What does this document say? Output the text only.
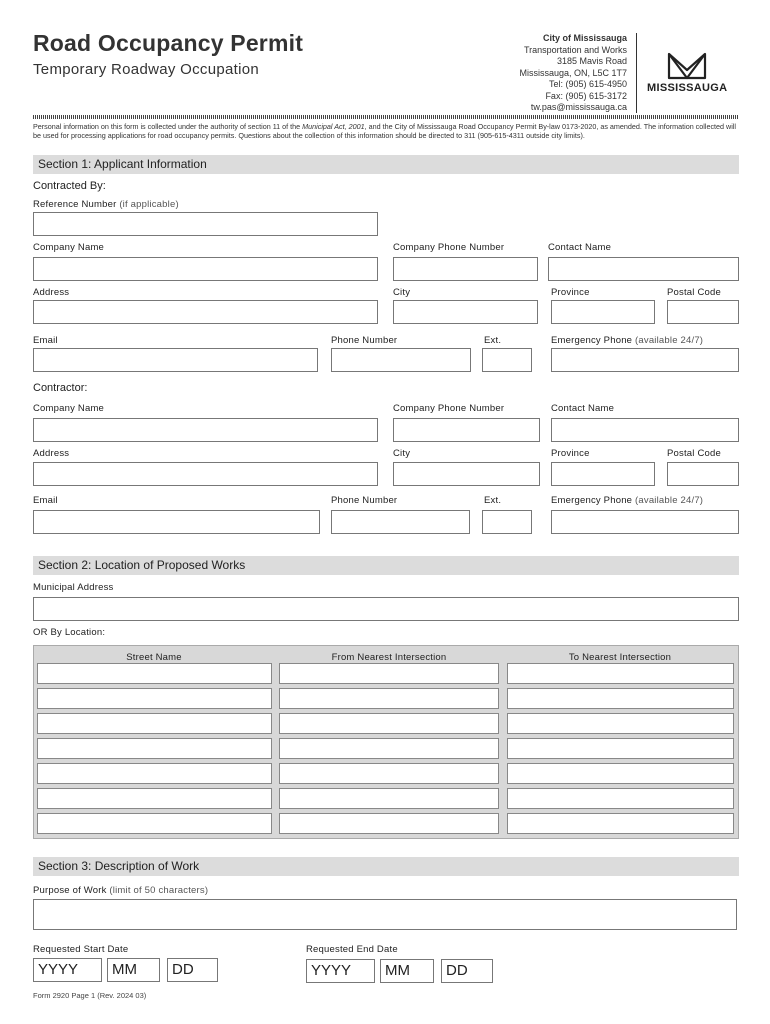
Road Occupancy Permit
Temporary Roadway Occupation
City of Mississauga
Transportation and Works
3185 Mavis Road
Mississauga, ON, L5C 1T7
Tel: (905) 615-4950
Fax: (905) 615-3172
tw.pas@mississauga.ca
MISSISSAUGA
Personal information on this form is collected under the authority of section 11 of the Municipal Act, 2001, and the City of Mississauga Road Occupancy Permit By-law 0173-2020, as amended. The information collected will be used for processing applications for road occupancy permits. Questions about the collection of this information should be directed to 311 (905-615-4311 outside city limits).
Section 1: Applicant Information
Contracted By:
Reference Number (if applicable)
Company Name	Company Phone Number	Contact Name
Address	City	Province	Postal Code
Email	Phone Number	Ext.	Emergency Phone (available 24/7)
Contractor:
Company Name	Company Phone Number	Contact Name
Address	City	Province	Postal Code
Email	Phone Number	Ext.	Emergency Phone (available 24/7)
Section 2: Location of Proposed Works
Municipal Address
OR By Location:
Street Name	From Nearest Intersection	To Nearest Intersection
Section 3: Description of Work
Purpose of Work (limit of 50 characters)
Requested Start Date	Requested End Date
YYYY	MM	DD	YYYY	MM	DD
Form 2920 Page 1 (Rev. 2024 03)
